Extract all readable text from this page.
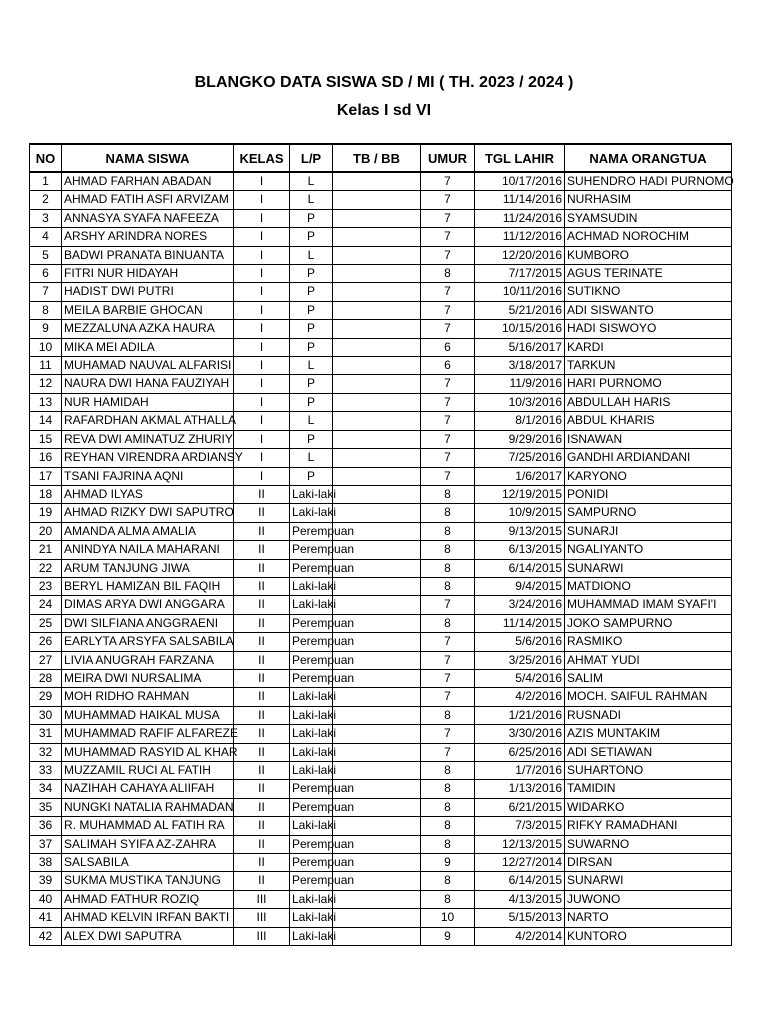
BLANGKO DATA SISWA SD / MI ( TH. 2023 / 2024 )
Kelas I sd VI
NO	NAMA SISWA	KELAS	L/P	TB / BB	UMUR	TGL LAHIR	NAMA ORANGTUA
1	AHMAD FARHAN ABADAN	I	L		7	10/17/2016	SUHENDRO HADI PURNOMO
2	AHMAD FATIH ASFI ARVIZAM	I	L		7	11/14/2016	NURHASIM
3	ANNASYA SYAFA NAFEEZA	I	P		7	11/24/2016	SYAMSUDIN
4	ARSHY ARINDRA NORES	I	P		7	11/12/2016	ACHMAD NOROCHIM
5	BADWI PRANATA BINUANTA	I	L		7	12/20/2016	KUMBORO
6	FITRI NUR HIDAYAH	I	P		8	7/17/2015	AGUS TERINATE
7	HADIST DWI PUTRI	I	P		7	10/11/2016	SUTIKNO
8	MEILA BARBIE GHOCAN	I	P		7	5/21/2016	ADI SISWANTO
9	MEZZALUNA AZKA HAURA	I	P		7	10/15/2016	HADI SISWOYO
10	MIKA MEI ADILA	I	P		6	5/16/2017	KARDI
11	MUHAMAD NAUVAL ALFARISI	I	L		6	3/18/2017	TARKUN
12	NAURA DWI HANA FAUZIYAH	I	P		7	11/9/2016	HARI PURNOMO
13	NUR HAMIDAH	I	P		7	10/3/2016	ABDULLAH HARIS
14	RAFARDHAN AKMAL ATHALLA	I	L		7	8/1/2016	ABDUL KHARIS
15	REVA DWI AMINATUZ ZHURIY	I	P		7	9/29/2016	ISNAWAN
16	REYHAN VIRENDRA ARDIANSY	I	L		7	7/25/2016	GANDHI ARDIANDANI
17	TSANI FAJRINA AQNI	I	P		7	1/6/2017	KARYONO
18	AHMAD ILYAS	II	Laki-laki		8	12/19/2015	PONIDI
19	AHMAD RIZKY DWI SAPUTRO	II	Laki-laki		8	10/9/2015	SAMPURNO
20	AMANDA ALMA AMALIA	II	Perempuan		8	9/13/2015	SUNARJI
21	ANINDYA NAILA MAHARANI	II	Perempuan		8	6/13/2015	NGALIYANTO
22	ARUM TANJUNG JIWA	II	Perempuan		8	6/14/2015	SUNARWI
23	BERYL HAMIZAN BIL FAQIH	II	Laki-laki		8	9/4/2015	MATDIONO
24	DIMAS ARYA DWI ANGGARA	II	Laki-laki		7	3/24/2016	MUHAMMAD IMAM SYAFI'I
25	DWI SILFIANA ANGGRAENI	II	Perempuan		8	11/14/2015	JOKO SAMPURNO
26	EARLYTA ARSYFA SALSABILA	II	Perempuan		7	5/6/2016	RASMIKO
27	LIVIA ANUGRAH FARZANA	II	Perempuan		7	3/25/2016	AHMAT YUDI
28	MEIRA DWI NURSALIMA	II	Perempuan		7	5/4/2016	SALIM
29	MOH RIDHO RAHMAN	II	Laki-laki		7	4/2/2016	MOCH. SAIFUL RAHMAN
30	MUHAMMAD HAIKAL MUSA	II	Laki-laki		8	1/21/2016	RUSNADI
31	MUHAMMAD RAFIF ALFAREZE	II	Laki-laki		7	3/30/2016	AZIS MUNTAKIM
32	MUHAMMAD RASYID AL KHAR	II	Laki-laki		7	6/25/2016	ADI SETIAWAN
33	MUZZAMIL RUCI AL FATIH	II	Laki-laki		8	1/7/2016	SUHARTONO
34	NAZIHAH CAHAYA ALIIFAH	II	Perempuan		8	1/13/2016	TAMIDIN
35	NUNGKI NATALIA RAHMADAN	II	Perempuan		8	6/21/2015	WIDARKO
36	R. MUHAMMAD AL FATIH RA	II	Laki-laki		8	7/3/2015	RIFKY RAMADHANI
37	SALIMAH SYIFA AZ-ZAHRA	II	Perempuan		8	12/13/2015	SUWARNO
38	SALSABILA	II	Perempuan		9	12/27/2014	DIRSAN
39	SUKMA MUSTIKA TANJUNG	II	Perempuan		8	6/14/2015	SUNARWI
40	AHMAD FATHUR ROZIQ	III	Laki-laki		8	4/13/2015	JUWONO
41	AHMAD KELVIN IRFAN BAKTI	III	Laki-laki		10	5/15/2013	NARTO
42	ALEX DWI SAPUTRA	III	Laki-laki		9	4/2/2014	KUNTORO
